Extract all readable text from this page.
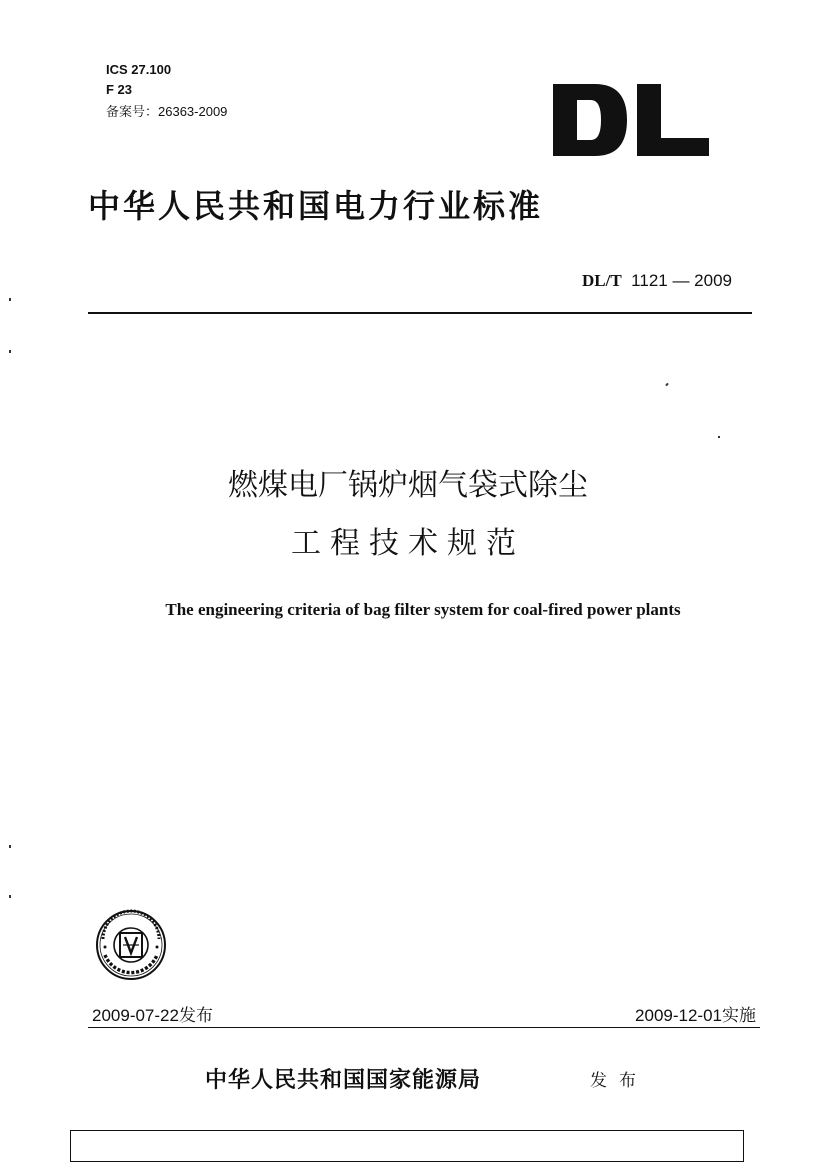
ICS 27.100
F 23
备案号：26363-2009
中华人民共和国电力行业标准
DL/T 1121 — 2009
燃煤电厂锅炉烟气袋式除尘
工程技术规范
The engineering criteria of bag filter system for coal-fired power plants
2009-07-22发布	2009-12-01实施
中华人民共和国国家能源局	发布
